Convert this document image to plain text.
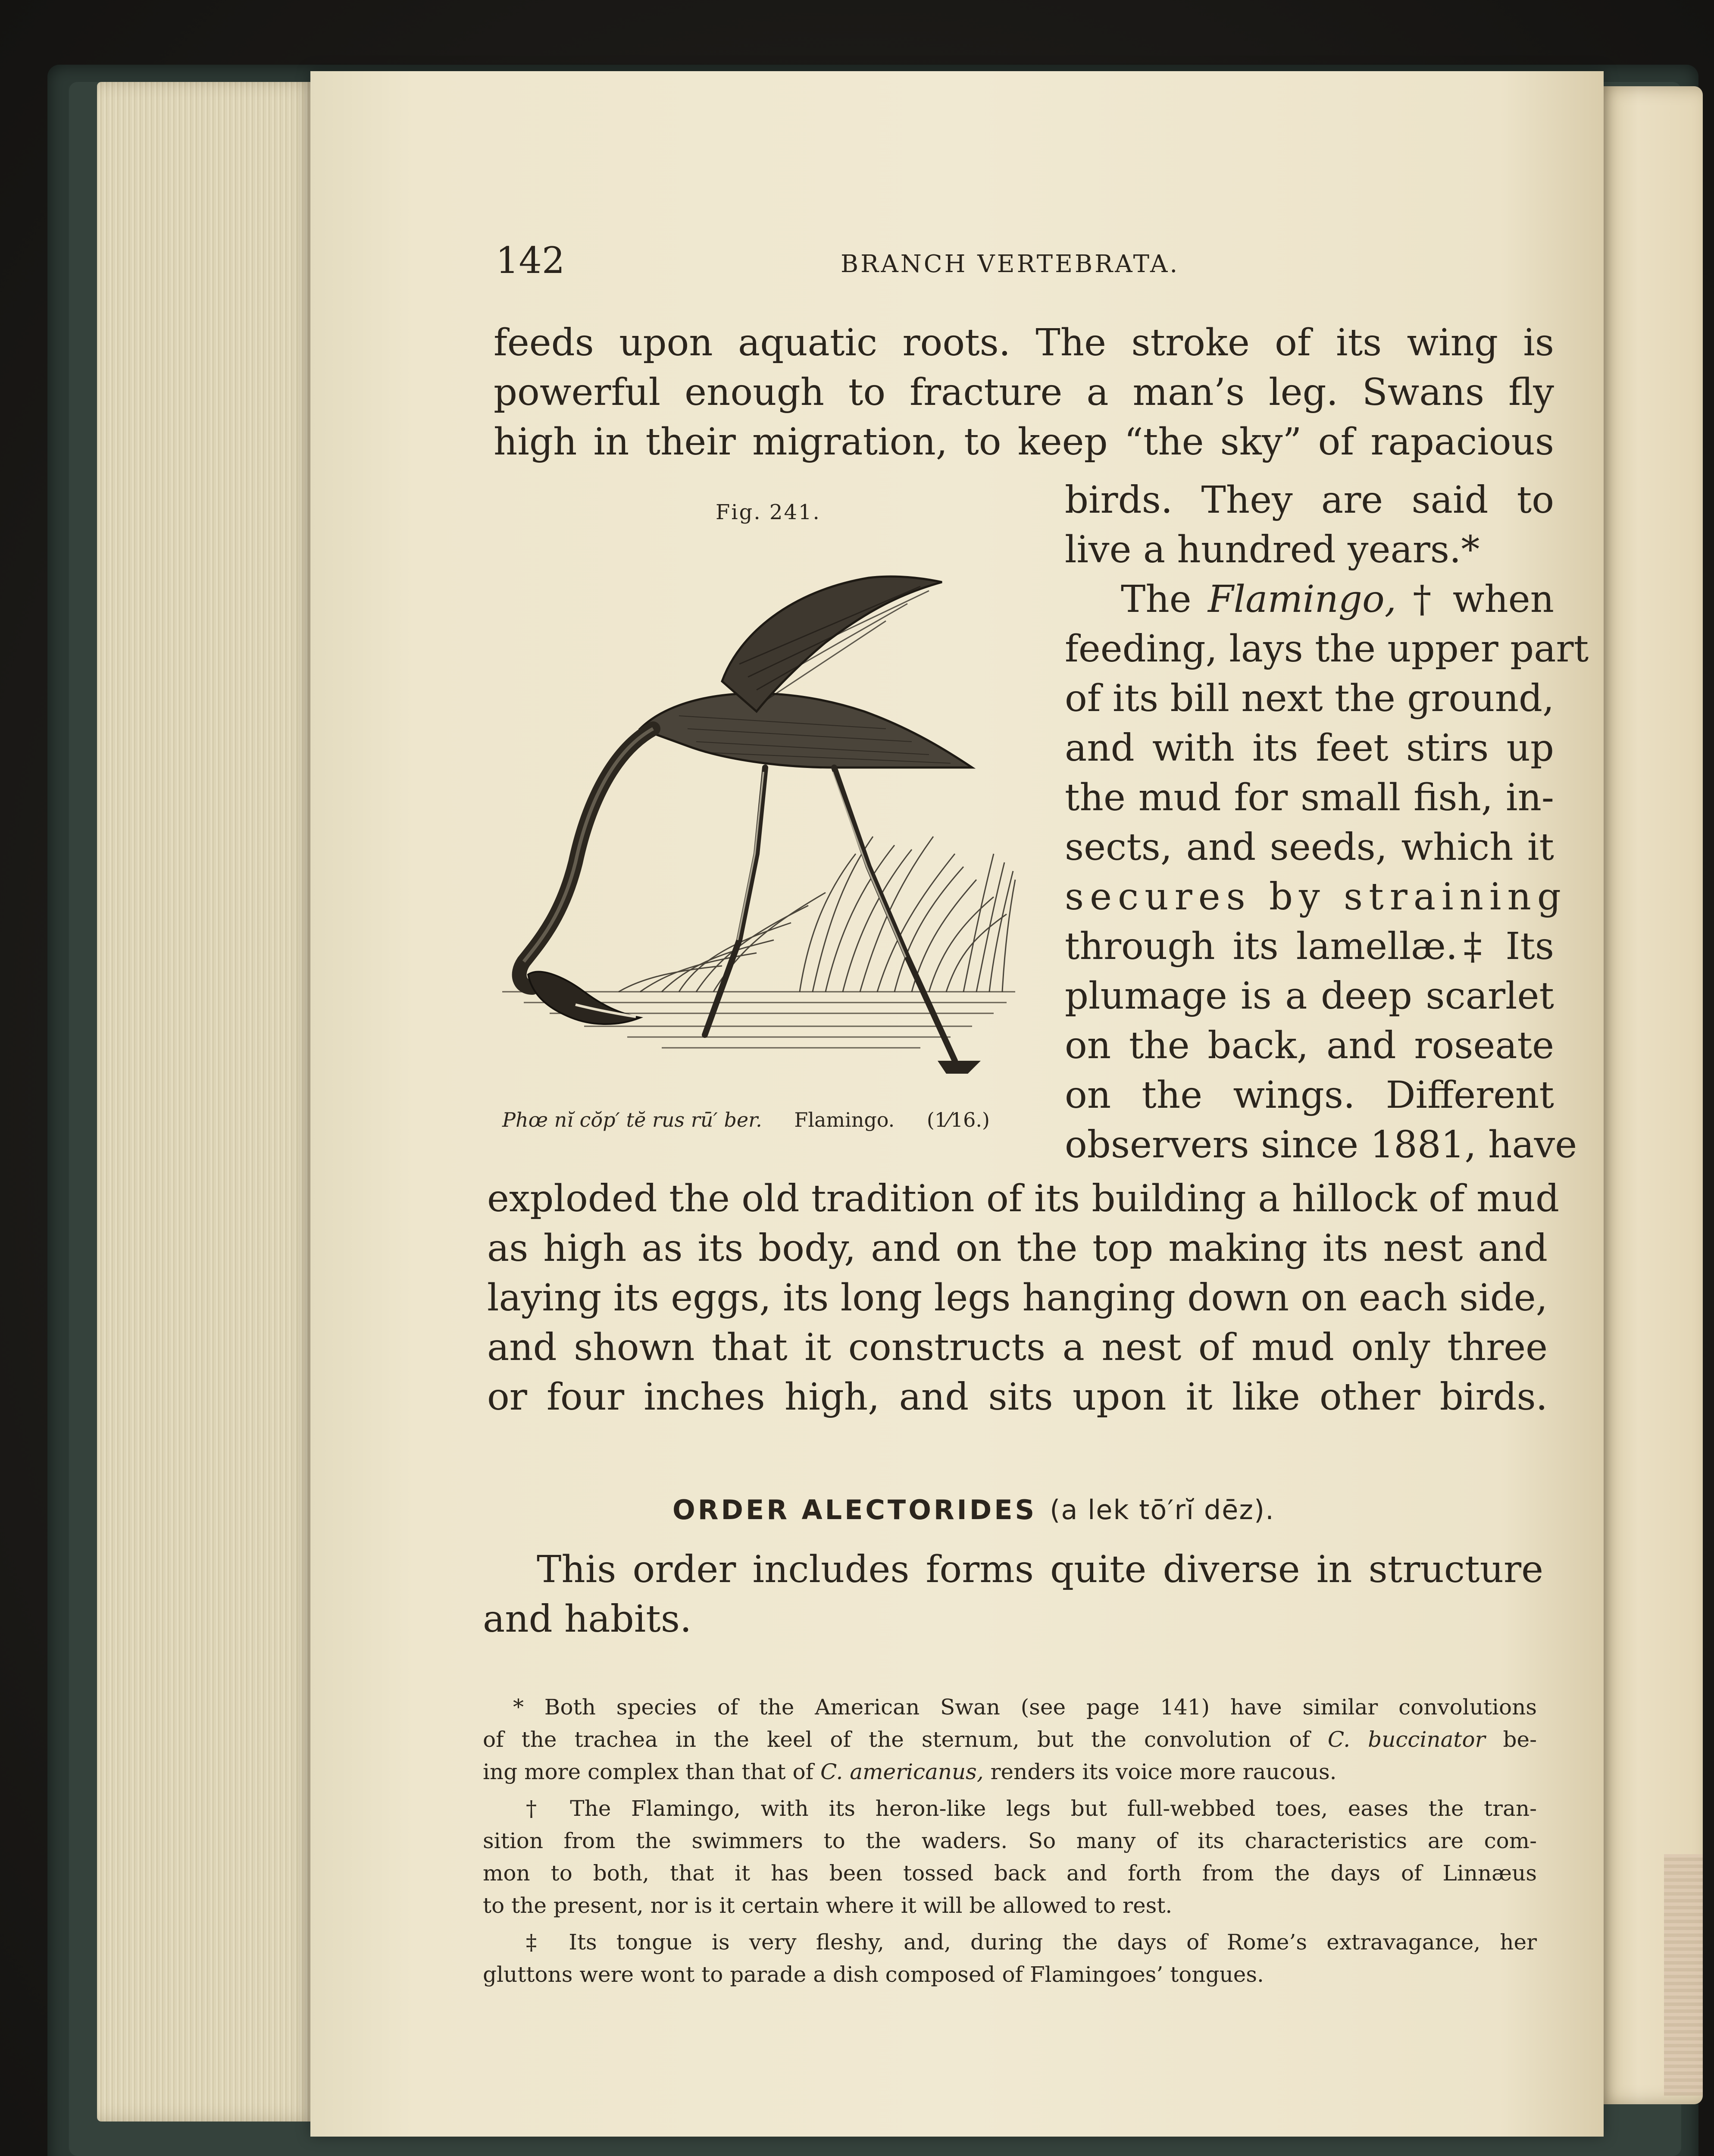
142	BRANCH VERTEBRATA.
feeds upon aquatic roots. The stroke of its wing is
powerful enough to fracture a man’s leg. Swans fly
high in their migration, to keep “the sky” of rapacious
birds. They are said to
live a hundred years.*
The Flamingo, † when
feeding, lays the upper part
of its bill next the ground,
and with its feet stirs up
the mud for small fish, in-
sects, and seeds, which it
secures by straining
through its lamellæ.‡ Its
plumage is a deep scarlet
on the back, and roseate
on the wings. Different
observers since 1881, have
exploded the old tradition of its building a hillock of mud
as high as its body, and on the top making its nest and
laying its eggs, its long legs hanging down on each side,
and shown that it constructs a nest of mud only three
or four inches high, and sits upon it like other birds.
Fig. 241.
Phœ nĭ cŏp′ tĕ rus rū′ ber. Flamingo. (1⁄16.)
ORDER ALECTORIDES (a lek tō′rĭ dēz).
This order includes forms quite diverse in structure
and habits.
* Both species of the American Swan (see page 141) have similar convolutions
of the trachea in the keel of the sternum, but the convolution of C. buccinator be-
ing more complex than that of C. americanus, renders its voice more raucous.
† The Flamingo, with its heron-like legs but full-webbed toes, eases the tran-
sition from the swimmers to the waders. So many of its characteristics are com-
mon to both, that it has been tossed back and forth from the days of Linnæus
to the present, nor is it certain where it will be allowed to rest.
‡ Its tongue is very fleshy, and, during the days of Rome’s extravagance, her
gluttons were wont to parade a dish composed of Flamingoes’ tongues.
